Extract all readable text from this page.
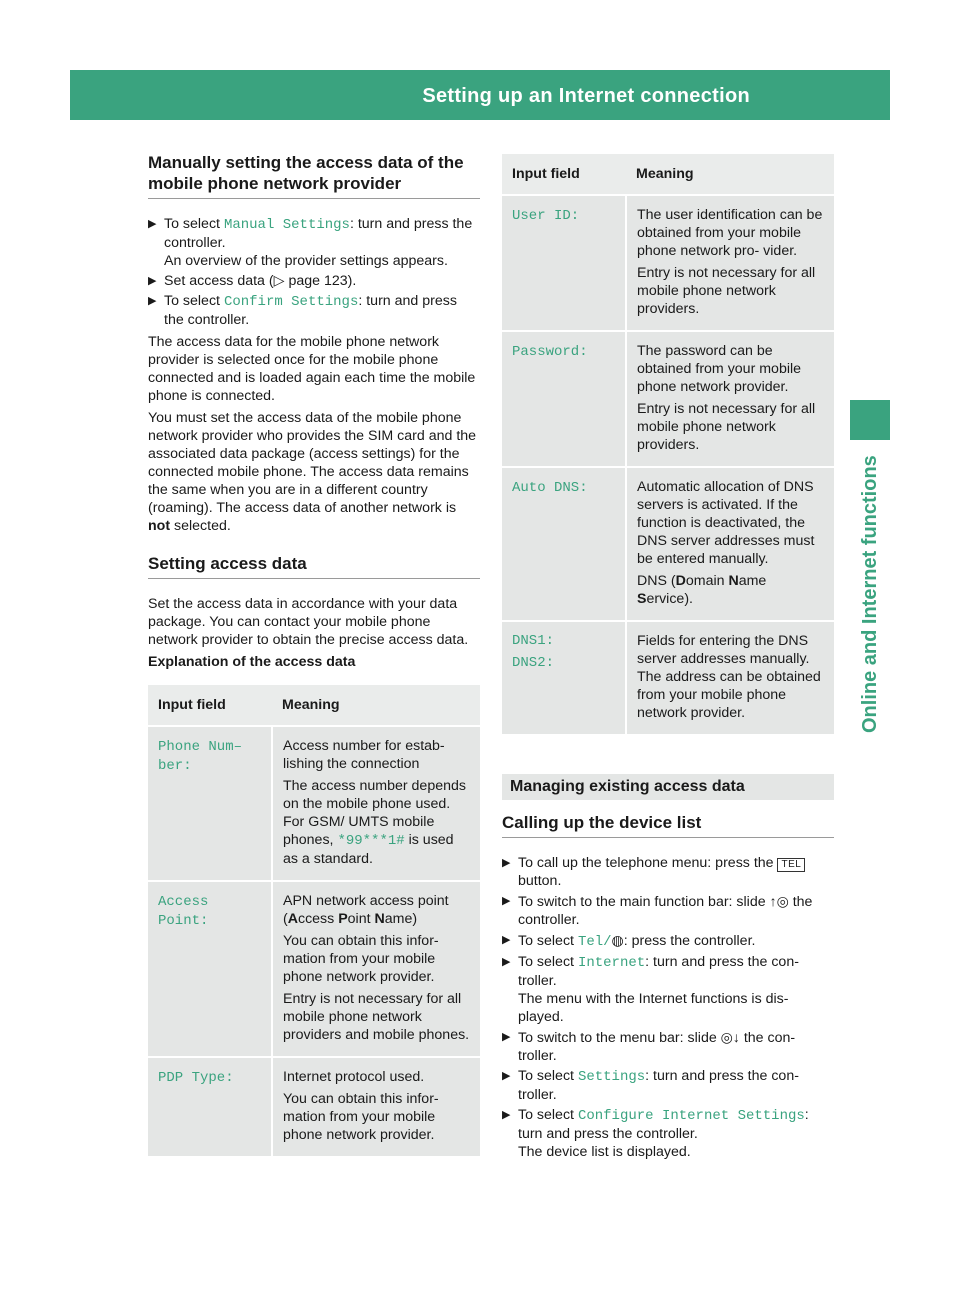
Setting up an Internet connection	123
Online and Internet functions
Manually setting the access data of the mobile phone network provider
▶ To select Manual Settings: turn and press the controller.
An overview of the provider settings appears.
▶ Set access data (▷ page 123).
▶ To select Confirm Settings: turn and press the controller.

The access data for the mobile phone network provider is selected once for the mobile phone connected and is loaded again each time the mobile phone is connected.

You must set the access data of the mobile phone network provider who provides the SIM card and the associated data package (access settings) for the connected mobile phone. The access data remains the same when you are in a different country (roaming). The access data of another network is not selected.

Setting access data

Set the access data in accordance with your data package. You can contact your mobile phone network provider to obtain the precise access data.

Explanation of the access data

Input field	Meaning
Phone Num– ber:	Access number for estab- lishing the connection

The access number depends on the mobile phone used. For GSM/ UMTS mobile phones, *99***1# is used as a standard.

Access Point:	APN network access point

(Access Point Name)

You can obtain this infor- mation from your mobile phone network provider.

Entry is not necessary for all mobile phone network providers and mobile phones.

PDP Type:	Internet protocol used.

You can obtain this infor- mation from your mobile phone network provider.

Input field	Meaning
User ID:	The user identification can be obtained from your mobile phone network pro- vider.

Entry is not necessary for all mobile phone network providers.

Password:	The password can be obtained from your mobile phone network provider.

Entry is not necessary for all mobile phone network providers.

Auto DNS:	Automatic allocation of DNS servers is activated. If the function is deactivated, the DNS server addresses must be entered manually.

DNS (Domain Name Service).

DNS1:
DNS2:	Fields for entering the DNS server addresses manually. The address can be obtained from your mobile phone network provider.

Managing existing access data
Calling up the device list
▶ To call up the telephone menu: press the TEL button.
▶ To switch to the main function bar: slide ↑◎ the controller.
▶ To select Tel/◍: press the controller.
▶ To select Internet: turn and press the con- troller.
The menu with the Internet functions is dis- played.
▶ To switch to the menu bar: slide ◎↓ the con- troller.
▶ To select Settings: turn and press the con- troller.
▶ To select Configure Internet Settings: turn and press the controller.
The device list is displayed.
